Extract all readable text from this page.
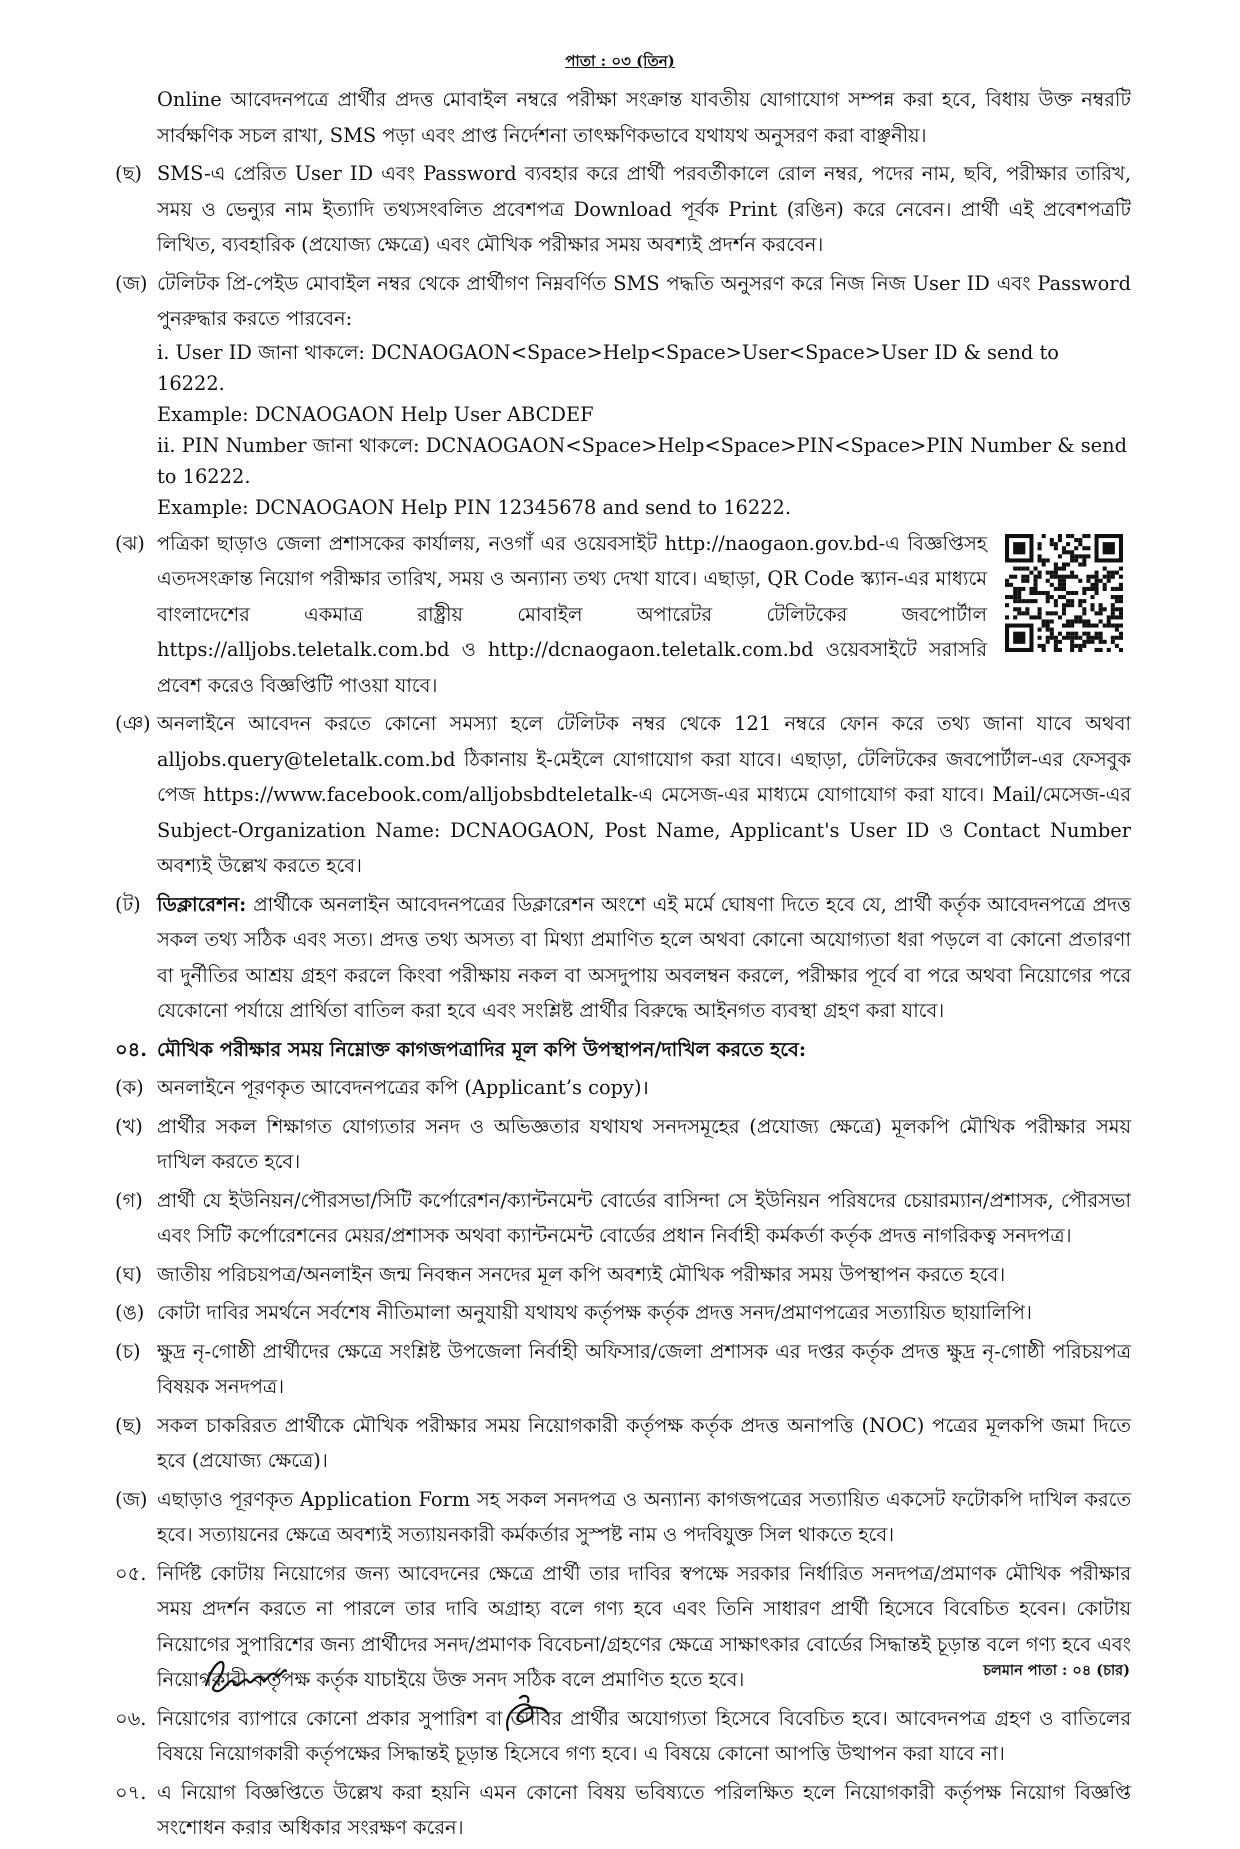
পাতা : ০৩ (তিন)

Online আবেদনপত্রে প্রার্থীর প্রদত্ত মোবাইল নম্বরে পরীক্ষা সংক্রান্ত যাবতীয় যোগাযোগ সম্পন্ন করা হবে, বিধায় উক্ত নম্বরটি সার্বক্ষণিক সচল রাখা, SMS পড়া এবং প্রাপ্ত নির্দেশনা তাৎক্ষণিকভাবে যথাযথ অনুসরণ করা বাঞ্ছনীয়।

(ছ) SMS-এ প্রেরিত User ID এবং Password ব্যবহার করে প্রার্থী পরবর্তীকালে রোল নম্বর, পদের নাম, ছবি, পরীক্ষার তারিখ, সময় ও ভেন্যুর নাম ইত্যাদি তথ্যসংবলিত প্রবেশপত্র Download পূর্বক Print (রঙিন) করে নেবেন। প্রার্থী এই প্রবেশপত্রটি লিখিত, ব্যবহারিক (প্রযোজ্য ক্ষেত্রে) এবং মৌখিক পরীক্ষার সময় অবশ্যই প্রদর্শন করবেন।
(জ) টেলিটক প্রি-পেইড মোবাইল নম্বর থেকে প্রার্থীগণ নিম্নবর্ণিত SMS পদ্ধতি অনুসরণ করে নিজ নিজ User ID এবং Password পুনরুদ্ধার করতে পারবেন:
i. User ID জানা থাকলে: DCNAOGAON<Space>Help<Space>User<Space>User ID & send to 16222.
Example: DCNAOGAON Help User ABCDEF
ii. PIN Number জানা থাকলে: DCNAOGAON<Space>Help<Space>PIN<Space>PIN Number & send to 16222.
Example: DCNAOGAON Help PIN 12345678 and send to 16222.
(ঝ) পত্রিকা ছাড়াও জেলা প্রশাসকের কার্যালয়, নওগাঁ এর ওয়েবসাইট http://naogaon.gov.bd-এ বিজ্ঞপ্তিসহ এতদসংক্রান্ত নিয়োগ পরীক্ষার তারিখ, সময় ও অন্যান্য তথ্য দেখা যাবে। এছাড়া, QR Code স্ক্যান-এর মাধ্যমে বাংলাদেশের একমাত্র রাষ্ট্রীয় মোবাইল অপারেটর টেলিটকের জবপোর্টাল https://alljobs.teletalk.com.bd ও http://dcnaogaon.teletalk.com.bd ওয়েবসাইটে সরাসরি প্রবেশ করেও বিজ্ঞপ্তিটি পাওয়া যাবে।
(ঞ) অনলাইনে আবেদন করতে কোনো সমস্যা হলে টেলিটক নম্বর থেকে 121 নম্বরে ফোন করে তথ্য জানা যাবে অথবা alljobs.query@teletalk.com.bd ঠিকানায় ই-মেইলে যোগাযোগ করা যাবে। এছাড়া, টেলিটকের জবপোর্টাল-এর ফেসবুক পেজ https://www.facebook.com/alljobsbdteletalk-এ মেসেজ-এর মাধ্যমে যোগাযোগ করা যাবে। Mail/মেসেজ-এর Subject-Organization Name: DCNAOGAON, Post Name, Applicant's User ID ও Contact Number অবশ্যই উল্লেখ করতে হবে।
(ট) ডিক্লারেশন: প্রার্থীকে অনলাইন আবেদনপত্রের ডিক্লারেশন অংশে এই মর্মে ঘোষণা দিতে হবে যে, প্রার্থী কর্তৃক আবেদনপত্রে প্রদত্ত সকল তথ্য সঠিক এবং সত্য। প্রদত্ত তথ্য অসত্য বা মিথ্যা প্রমাণিত হলে অথবা কোনো অযোগ্যতা ধরা পড়লে বা কোনো প্রতারণা বা দুর্নীতির আশ্রয় গ্রহণ করলে কিংবা পরীক্ষায় নকল বা অসদুপায় অবলম্বন করলে, পরীক্ষার পূর্বে বা পরে অথবা নিয়োগের পরে যেকোনো পর্যায়ে প্রার্থিতা বাতিল করা হবে এবং সংশ্লিষ্ট প্রার্থীর বিরুদ্ধে আইনগত ব্যবস্থা গ্রহণ করা যাবে।
০৪. মৌখিক পরীক্ষার সময় নিম্নোক্ত কাগজপত্রাদির মূল কপি উপস্থাপন/দাখিল করতে হবে:
(ক) অনলাইনে পূরণকৃত আবেদনপত্রের কপি (Applicant’s copy)।
(খ) প্রার্থীর সকল শিক্ষাগত যোগ্যতার সনদ ও অভিজ্ঞতার যথাযথ সনদসমূহের (প্রযোজ্য ক্ষেত্রে) মূলকপি মৌখিক পরীক্ষার সময় দাখিল করতে হবে।
(গ) প্রার্থী যে ইউনিয়ন/পৌরসভা/সিটি কর্পোরেশন/ক্যান্টনমেন্ট বোর্ডের বাসিন্দা সে ইউনিয়ন পরিষদের চেয়ারম্যান/প্রশাসক, পৌরসভা এবং সিটি কর্পোরেশনের মেয়র/প্রশাসক অথবা ক্যান্টনমেন্ট বোর্ডের প্রধান নির্বাহী কর্মকর্তা কর্তৃক প্রদত্ত নাগরিকত্ব সনদপত্র।
(ঘ) জাতীয় পরিচয়পত্র/অনলাইন জন্ম নিবন্ধন সনদের মূল কপি অবশ্যই মৌখিক পরীক্ষার সময় উপস্থাপন করতে হবে।
(ঙ) কোটা দাবির সমর্থনে সর্বশেষ নীতিমালা অনুযায়ী যথাযথ কর্তৃপক্ষ কর্তৃক প্রদত্ত সনদ/প্রমাণপত্রের সত্যায়িত ছায়ালিপি।
(চ) ক্ষুদ্র নৃ-গোষ্ঠী প্রার্থীদের ক্ষেত্রে সংশ্লিষ্ট উপজেলা নির্বাহী অফিসার/জেলা প্রশাসক এর দপ্তর কর্তৃক প্রদত্ত ক্ষুদ্র নৃ-গোষ্ঠী পরিচয়পত্র বিষয়ক সনদপত্র।
(ছ) সকল চাকরিরত প্রার্থীকে মৌখিক পরীক্ষার সময় নিয়োগকারী কর্তৃপক্ষ কর্তৃক প্রদত্ত অনাপত্তি (NOC) পত্রের মূলকপি জমা দিতে হবে (প্রযোজ্য ক্ষেত্রে)।
(জ) এছাড়াও পূরণকৃত Application Form সহ সকল সনদপত্র ও অন্যান্য কাগজপত্রের সত্যায়িত একসেট ফটোকপি দাখিল করতে হবে। সত্যায়নের ক্ষেত্রে অবশ্যই সত্যায়নকারী কর্মকর্তার সুস্পষ্ট নাম ও পদবিযুক্ত সিল থাকতে হবে।
০৫. নির্দিষ্ট কোটায় নিয়োগের জন্য আবেদনের ক্ষেত্রে প্রার্থী তার দাবির স্বপক্ষে সরকার নির্ধারিত সনদপত্র/প্রমাণক মৌখিক পরীক্ষার সময় প্রদর্শন করতে না পারলে তার দাবি অগ্রাহ্য বলে গণ্য হবে এবং তিনি সাধারণ প্রার্থী হিসেবে বিবেচিত হবেন। কোটায় নিয়োগের সুপারিশের জন্য প্রার্থীদের সনদ/প্রমাণক বিবেচনা/গ্রহণের ক্ষেত্রে সাক্ষাৎকার বোর্ডের সিদ্ধান্তই চূড়ান্ত বলে গণ্য হবে এবং নিয়োগকারী কর্তৃপক্ষ কর্তৃক যাচাইয়ে উক্ত সনদ সঠিক বলে প্রমাণিত হতে হবে।
০৬. নিয়োগের ব্যাপারে কোনো প্রকার সুপারিশ বা তদবির প্রার্থীর অযোগ্যতা হিসেবে বিবেচিত হবে। আবেদনপত্র গ্রহণ ও বাতিলের বিষয়ে নিয়োগকারী কর্তৃপক্ষের সিদ্ধান্তই চূড়ান্ত হিসেবে গণ্য হবে। এ বিষয়ে কোনো আপত্তি উত্থাপন করা যাবে না।
০৭. এ নিয়োগ বিজ্ঞপ্তিতে উল্লেখ করা হয়নি এমন কোনো বিষয় ভবিষ্যতে পরিলক্ষিত হলে নিয়োগকারী কর্তৃপক্ষ নিয়োগ বিজ্ঞপ্তি সংশোধন করার অধিকার সংরক্ষণ করেন।
চলমান পাতা : ০৪ (চার)
